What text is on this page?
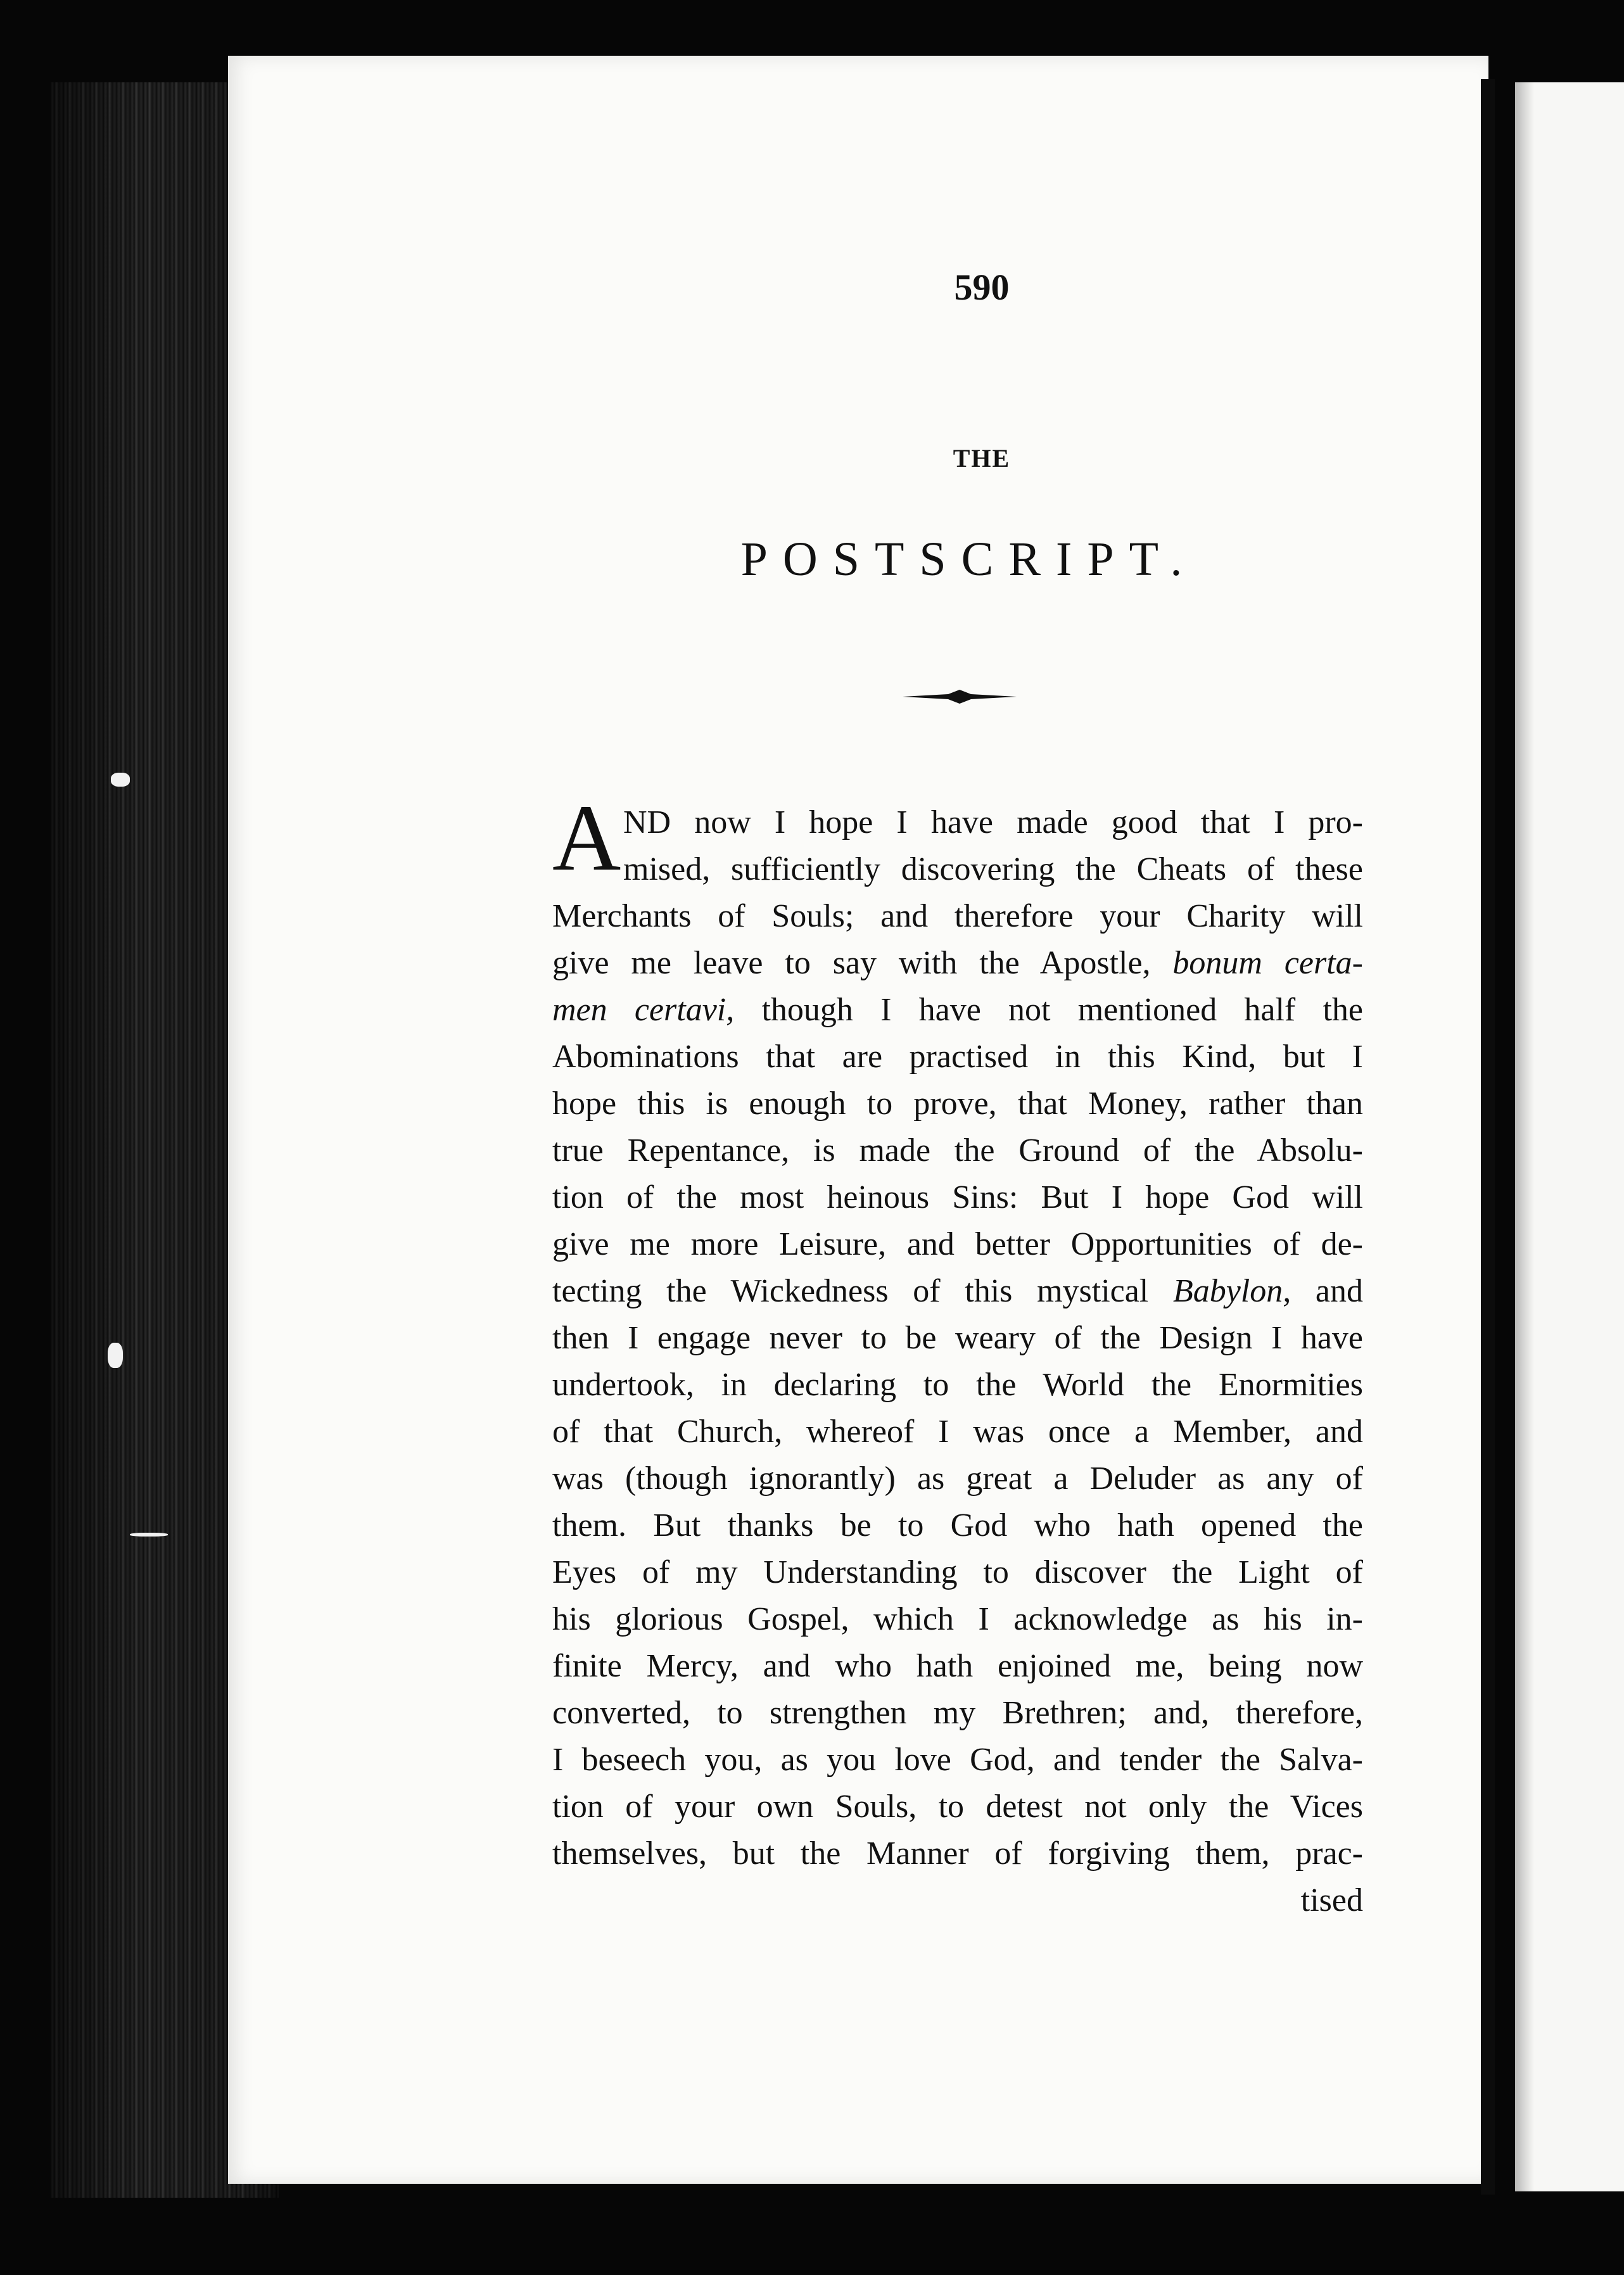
590
THE
POSTSCRIPT.
A ND now I hope I have made good that I pro-
mised, sufficiently discovering the Cheats of these
Merchants of Souls; and therefore your Charity will
give me leave to say with the Apostle, bonum certa-
men certavi, though I have not mentioned half the
Abominations that are practised in this Kind, but I
hope this is enough to prove, that Money, rather than
true Repentance, is made the Ground of the Absolu-
tion of the most heinous Sins: But I hope God will
give me more Leisure, and better Opportunities of de-
tecting the Wickedness of this mystical Babylon, and
then I engage never to be weary of the Design I have
undertook, in declaring to the World the Enormities
of that Church, whereof I was once a Member, and
was (though ignorantly) as great a Deluder as any of
them. But thanks be to God who hath opened the
Eyes of my Understanding to discover the Light of
his glorious Gospel, which I acknowledge as his in-
finite Mercy, and who hath enjoined me, being now
converted, to strengthen my Brethren; and, therefore,
I beseech you, as you love God, and tender the Salva-
tion of your own Souls, to detest not only the Vices
themselves, but the Manner of forgiving them, prac-
tised
